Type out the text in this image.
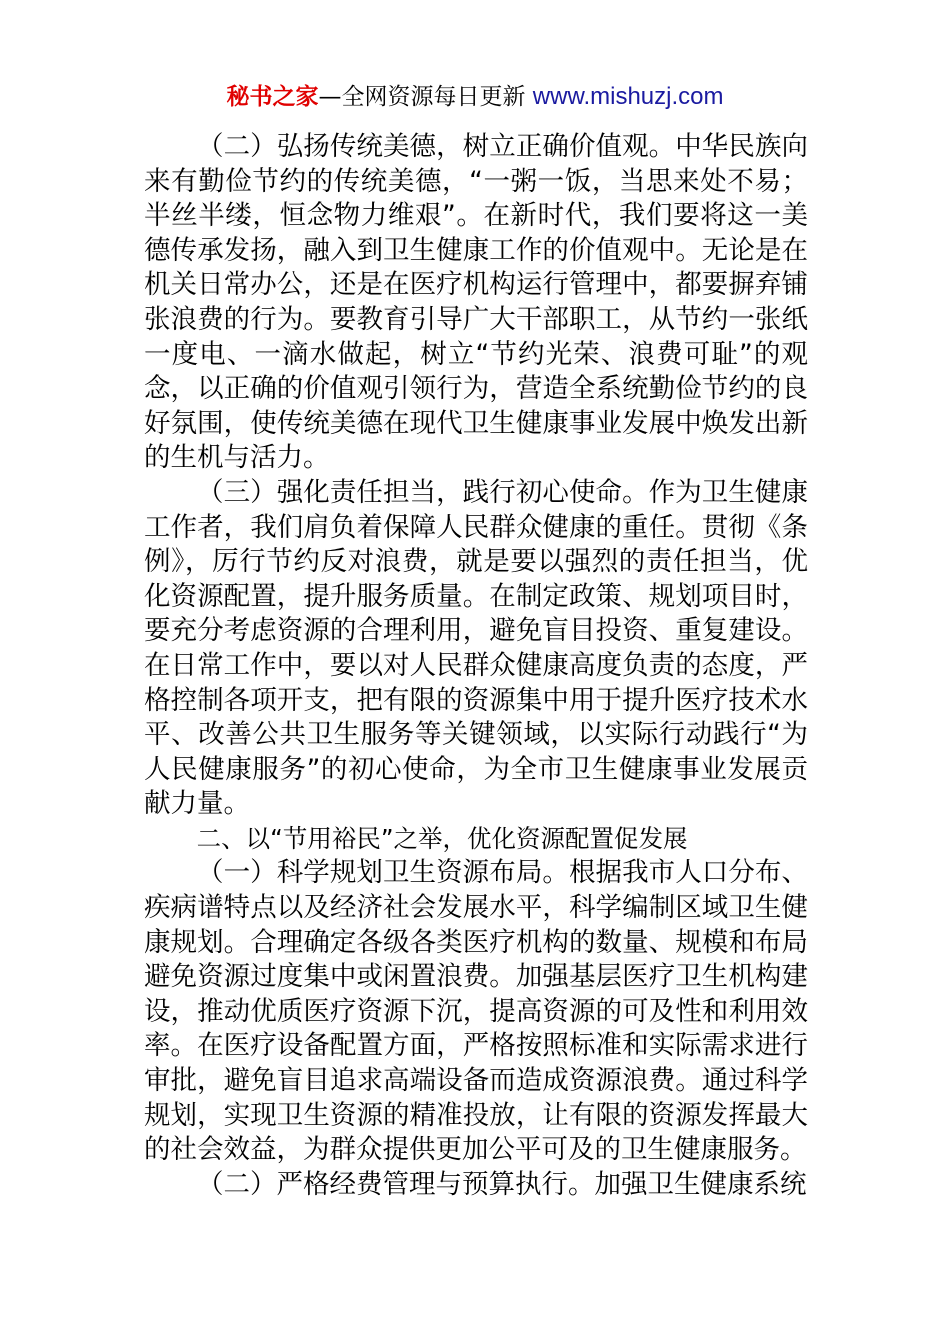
秘书之家—全网资源每日更新 www.mishuzj.com

（二）弘扬传统美德，树立正确价值观。中华民族向来有勤俭节约的传统美德，“一粥一饭，当思来处不易；半丝半缕，恒念物力维艰”。在新时代，我们要将这一美德传承发扬，融入到卫生健康工作的价值观中。无论是在机关日常办公，还是在医疗机构运行管理中，都要摒弃铺张浪费的行为。要教育引导广大干部职工，从节约一张纸一度电、一滴水做起，树立“节约光荣、浪费可耻”的观念，以正确的价值观引领行为，营造全系统勤俭节约的良好氛围，使传统美德在现代卫生健康事业发展中焕发出新的生机与活力。

（三）强化责任担当，践行初心使命。作为卫生健康工作者，我们肩负着保障人民群众健康的重任。贯彻《条例》，厉行节约反对浪费，就是要以强烈的责任担当，优化资源配置，提升服务质量。在制定政策、规划项目时，要充分考虑资源的合理利用，避免盲目投资、重复建设。在日常工作中，要以对人民群众健康高度负责的态度，严格控制各项开支，把有限的资源集中用于提升医疗技术水平、改善公共卫生服务等关键领域，以实际行动践行“为人民健康服务”的初心使命，为全市卫生健康事业发展贡献力量。

二、以“节用裕民”之举，优化资源配置促发展

（一）科学规划卫生资源布局。根据我市人口分布、疾病谱特点以及经济社会发展水平，科学编制区域卫生健康规划。合理确定各级各类医疗机构的数量、规模和布局避免资源过度集中或闲置浪费。加强基层医疗卫生机构建设，推动优质医疗资源下沉，提高资源的可及性和利用效率。在医疗设备配置方面，严格按照标准和实际需求进行审批，避免盲目追求高端设备而造成资源浪费。通过科学规划，实现卫生资源的精准投放，让有限的资源发挥最大的社会效益，为群众提供更加公平可及的卫生健康服务。

（二）严格经费管理与预算执行。加强卫生健康系统
